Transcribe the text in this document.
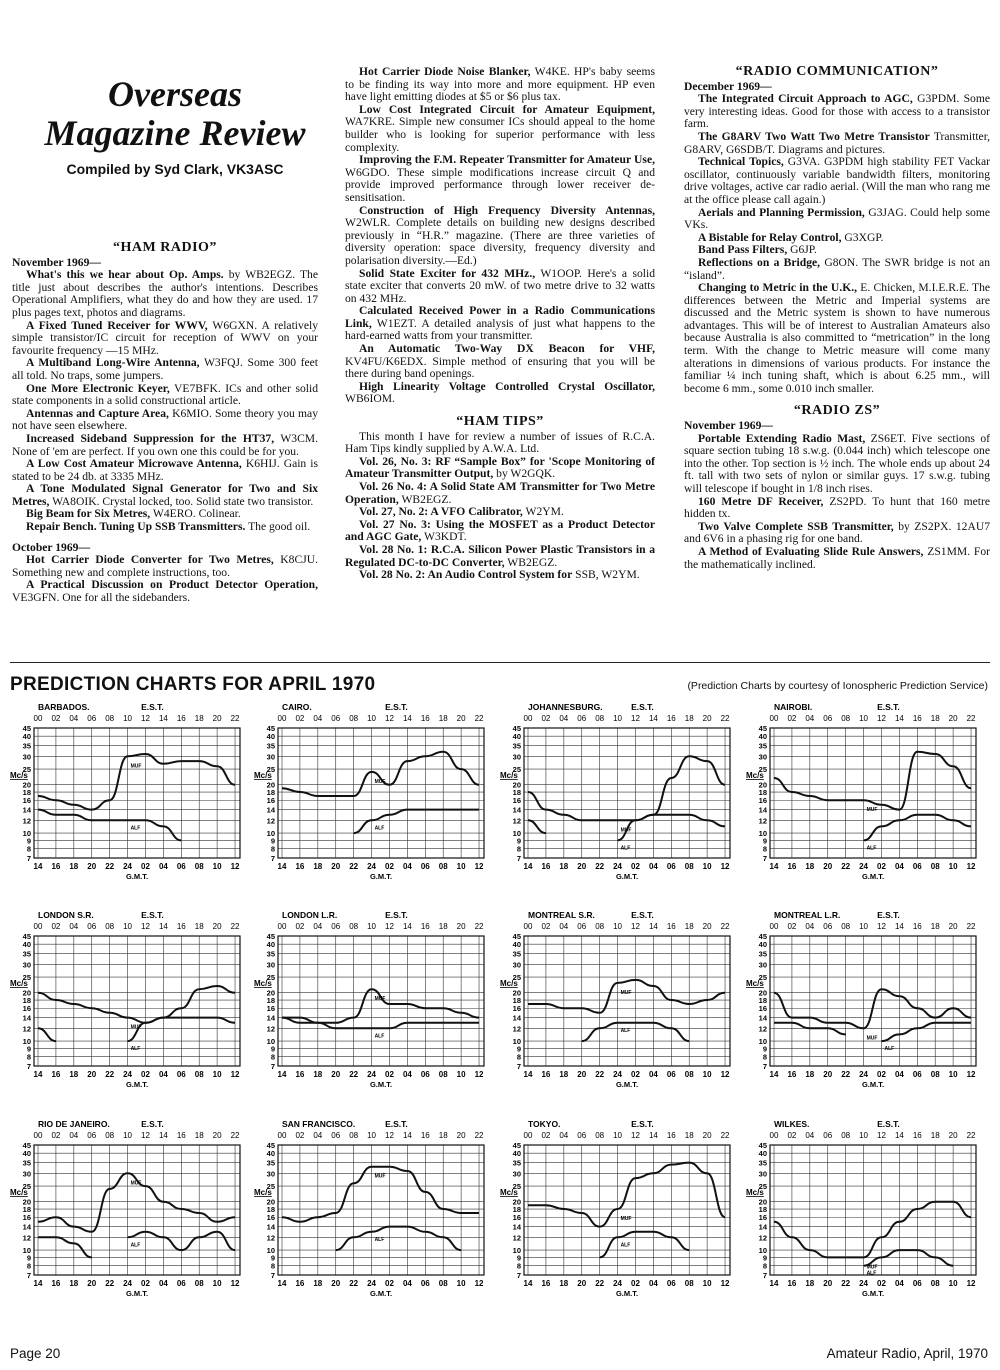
Overseas
Magazine Review
Compiled by Syd Clark, VK3ASC
“HAM RADIO”
November 1969—

What's this we hear about Op. Amps. by WB2EGZ. The title just about describes the author's intentions. Describes Operational Amplifiers, what they do and how they are used. 17 plus pages text, photos and diagrams.

A Fixed Tuned Receiver for WWV, W6GXN. A relatively simple transistor/IC circuit for reception of WWV on your favourite frequency —15 MHz.

A Multiband Long-Wire Antenna, W3FQJ. Some 300 feet all told. No traps, some jumpers.

One More Electronic Keyer, VE7BFK. ICs and other solid state components in a solid constructional article.

Antennas and Capture Area, K6MIO. Some theory you may not have seen elsewhere.

Increased Sideband Suppression for the HT37, W3CM. None of 'em are perfect. If you own one this could be for you.

A Low Cost Amateur Microwave Antenna, K6HIJ. Gain is stated to be 24 db. at 3335 MHz.

A Tone Modulated Signal Generator for Two and Six Metres, WA8OIK. Crystal locked, too. Solid state two transistor.

Big Beam for Six Metres, W4ERO. Colinear.

Repair Bench. Tuning Up SSB Transmitters. The good oil.

October 1969—

Hot Carrier Diode Converter for Two Metres, K8CJU. Something new and complete instructions, too.

A Practical Discussion on Product Detector Operation, VE3GFN. One for all the sidebanders.

Hot Carrier Diode Noise Blanker, W4KE. HP's baby seems to be finding its way into more and more equipment. HP even have light emitting diodes at $5 or $6 plus tax.

Low Cost Integrated Circuit for Amateur Equipment, WA7KRE. Simple new consumer ICs should appeal to the home builder who is looking for superior performance with less complexity.

Improving the F.M. Repeater Transmitter for Amateur Use, W6GDO. These simple modifications increase circuit Q and provide improved performance through lower receiver de-sensitisation.

Construction of High Frequency Diversity Antennas, W2WLR. Complete details on building new designs described previously in “H.R.” magazine. (There are three varieties of diversity operation: space diversity, frequency diversity and polarisation diversity.—Ed.)

Solid State Exciter for 432 MHz., W1OOP. Here's a solid state exciter that converts 20 mW. of two metre drive to 32 watts on 432 MHz.

Calculated Received Power in a Radio Communications Link, W1EZT. A detailed analysis of just what happens to the hard-earned watts from your transmitter.

An Automatic Two-Way DX Beacon for VHF, KV4FU/K6EDX. Simple method of ensuring that you will be there during band openings.

High Linearity Voltage Controlled Crystal Oscillator, WB6IOM.

“HAM TIPS”

This month I have for review a number of issues of R.C.A. Ham Tips kindly supplied by A.W.A. Ltd.

Vol. 26, No. 3: RF “Sample Box” for 'Scope Monitoring of Amateur Transmitter Output, by W2GQK.

Vol. 26 No. 4: A Solid State AM Transmitter for Two Metre Operation, WB2EGZ.

Vol. 27, No. 2: A VFO Calibrator, W2YM.

Vol. 27 No. 3: Using the MOSFET as a Product Detector and AGC Gate, W3KDT.

Vol. 28 No. 1: R.C.A. Silicon Power Plastic Transistors in a Regulated DC-to-DC Converter, WB2EGZ.

Vol. 28 No. 2: An Audio Control System for SSB, W2YM.

“RADIO COMMUNICATION”
December 1969—

The Integrated Circuit Approach to AGC, G3PDM. Some very interesting ideas. Good for those with access to a transistor farm.

The G8ARV Two Watt Two Metre Transistor Transmitter, G8ARV, G6SDB/T. Diagrams and pictures.

Technical Topics, G3VA. G3PDM high stability FET Vackar oscillator, continuously variable bandwidth filters, monitoring drive voltages, active car radio aerial. (Will the man who rang me at the office please call again.)

Aerials and Planning Permission, G3JAG. Could help some VKs.

A Bistable for Relay Control, G3XGP.

Band Pass Filters, G6JP.

Reflections on a Bridge, G8ON. The SWR bridge is not an “island”.

Changing to Metric in the U.K., E. Chicken, M.I.E.R.E. The differences between the Metric and Imperial systems are discussed and the Metric system is shown to have numerous advantages. This will be of interest to Australian Amateurs also because Australia is also committed to “metrication” in the long term. With the change to Metric measure will come many alterations in dimensions of various products. For instance the familiar ¼ inch tuning shaft, which is about 6.25 mm., will become 6 mm., some 0.010 inch smaller.

“RADIO ZS”
November 1969—

Portable Extending Radio Mast, ZS6ET. Five sections of square section tubing 18 s.w.g. (0.044 inch) which telescope one into the other. Top section is ½ inch. The whole ends up about 24 ft. tall with two sets of nylon or similar guys. 17 s.w.g. tubing will telescope if bought in 1/8 inch rises.

160 Metre DF Receiver, ZS2PD. To hunt that 160 metre hidden tx.

Two Valve Complete SSB Transmitter, by ZS2PX. 12AU7 and 6V6 in a phasing rig for one band.

A Method of Evaluating Slide Rule Answers, ZS1MM. For the mathematically inclined.

PREDICTION CHARTS FOR APRIL 1970	(Prediction Charts by courtesy of Ionospheric Prediction Service)
BARBADOS.	E.S.T.
00 02 04 06 08 10 12 14 16 18 20 22
45
40
35
30
25
20
18
16
14
12
10
9
8
7
Mc/s
14 16 18 20 22 24 02 04 06 08 10 12
G.M.T.
MUF
ALF
CAIRO.	E.S.T.
00 02 04 06 08 10 12 14 16 18 20 22
45
40
35
30
25
20
18
16
14
12
10
9
8
7
Mc/s
14 16 18 20 22 24 02 04 06 08 10 12
G.M.T.
MUF
ALF
JOHANNESBURG.	E.S.T.
00 02 04 06 08 10 12 14 16 18 20 22
45
40
35
30
25
20
18
16
14
12
10
9
8
7
Mc/s
14 16 18 20 22 24 02 04 06 08 10 12
G.M.T.
MUF
ALF
NAIROBI.	E.S.T.
00 02 04 06 08 10 12 14 16 18 20 22
45
40
35
30
25
20
18
16
14
12
10
9
8
7
Mc/s
14 16 18 20 22 24 02 04 06 08 10 12
G.M.T.
MUF
ALF
LONDON S.R.	E.S.T.
00 02 04 06 08 10 12 14 16 18 20 22
45
40
35
30
25
20
18
16
14
12
10
9
8
7
Mc/s
14 16 18 20 22 24 02 04 06 08 10 12
G.M.T.
MUF
ALF
LONDON L.R.	E.S.T.
00 02 04 06 08 10 12 14 16 18 20 22
45
40
35
30
25
20
18
16
14
12
10
9
8
7
Mc/s
14 16 18 20 22 24 02 04 06 08 10 12
G.M.T.
MUF
ALF
MONTREAL S.R.	E.S.T.
00 02 04 06 08 10 12 14 16 18 20 22
45
40
35
30
25
20
18
16
14
12
10
9
8
7
Mc/s
14 16 18 20 22 24 02 04 06 08 10 12
G.M.T.
MUF
ALF
MONTREAL L.R.	E.S.T.
00 02 04 06 08 10 12 14 16 18 20 22
45
40
35
30
25
20
18
16
14
12
10
9
8
7
Mc/s
14 16 18 20 22 24 02 04 06 08 10 12
G.M.T.
MUF
ALF
RIO DE JANEIRO.	E.S.T.
00 02 04 06 08 10 12 14 16 18 20 22
45
40
35
30
25
20
18
16
14
12
10
9
8
7
Mc/s
14 16 18 20 22 24 02 04 06 08 10 12
G.M.T.
MUF
ALF
SAN FRANCISCO.	E.S.T.
00 02 04 06 08 10 12 14 16 18 20 22
45
40
35
30
25
20
18
16
14
12
10
9
8
7
Mc/s
14 16 18 20 22 24 02 04 06 08 10 12
G.M.T.
MUF
ALF
TOKYO.	E.S.T.
00 02 04 06 08 10 12 14 16 18 20 22
45
40
35
30
25
20
18
16
14
12
10
9
8
7
Mc/s
14 16 18 20 22 24 02 04 06 08 10 12
G.M.T.
MUF
ALF
WILKES.	E.S.T.
00 02 04 06 08 10 12 14 16 18 20 22
45
40
35
30
25
20
18
16
14
12
10
9
8
7
Mc/s
14 16 18 20 22 24 02 04 06 08 10 12
G.M.T.
MUF
ALF
Page 20	Amateur Radio, April, 1970
